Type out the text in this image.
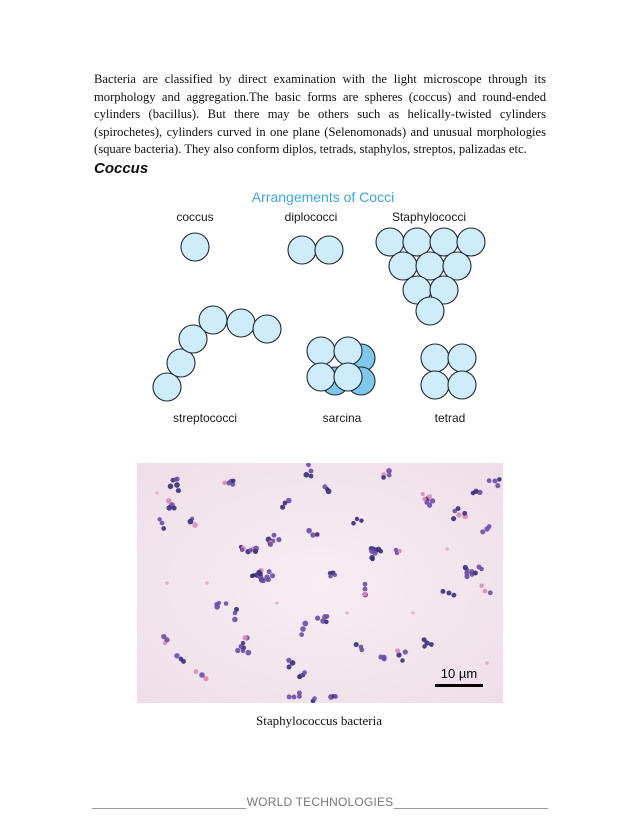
Bacteria are classified by direct examination with the light microscope through its morphology and aggregation.The basic forms are spheres (coccus) and round-ended cylinders (bacillus). But there may be others such as helically-twisted cylinders (spirochetes), cylinders curved in one plane (Selenomonads) and unusual morphologies (square bacteria). They also conform diplos, tetrads, staphylos, streptos, palizadas etc.

Coccus
Arrangements of Cocci
coccus	diplococci	Staphylococci
streptococci	sarcina	tetrad
10 µm
Staphylococcus bacteria
WORLD TECHNOLOGIES
